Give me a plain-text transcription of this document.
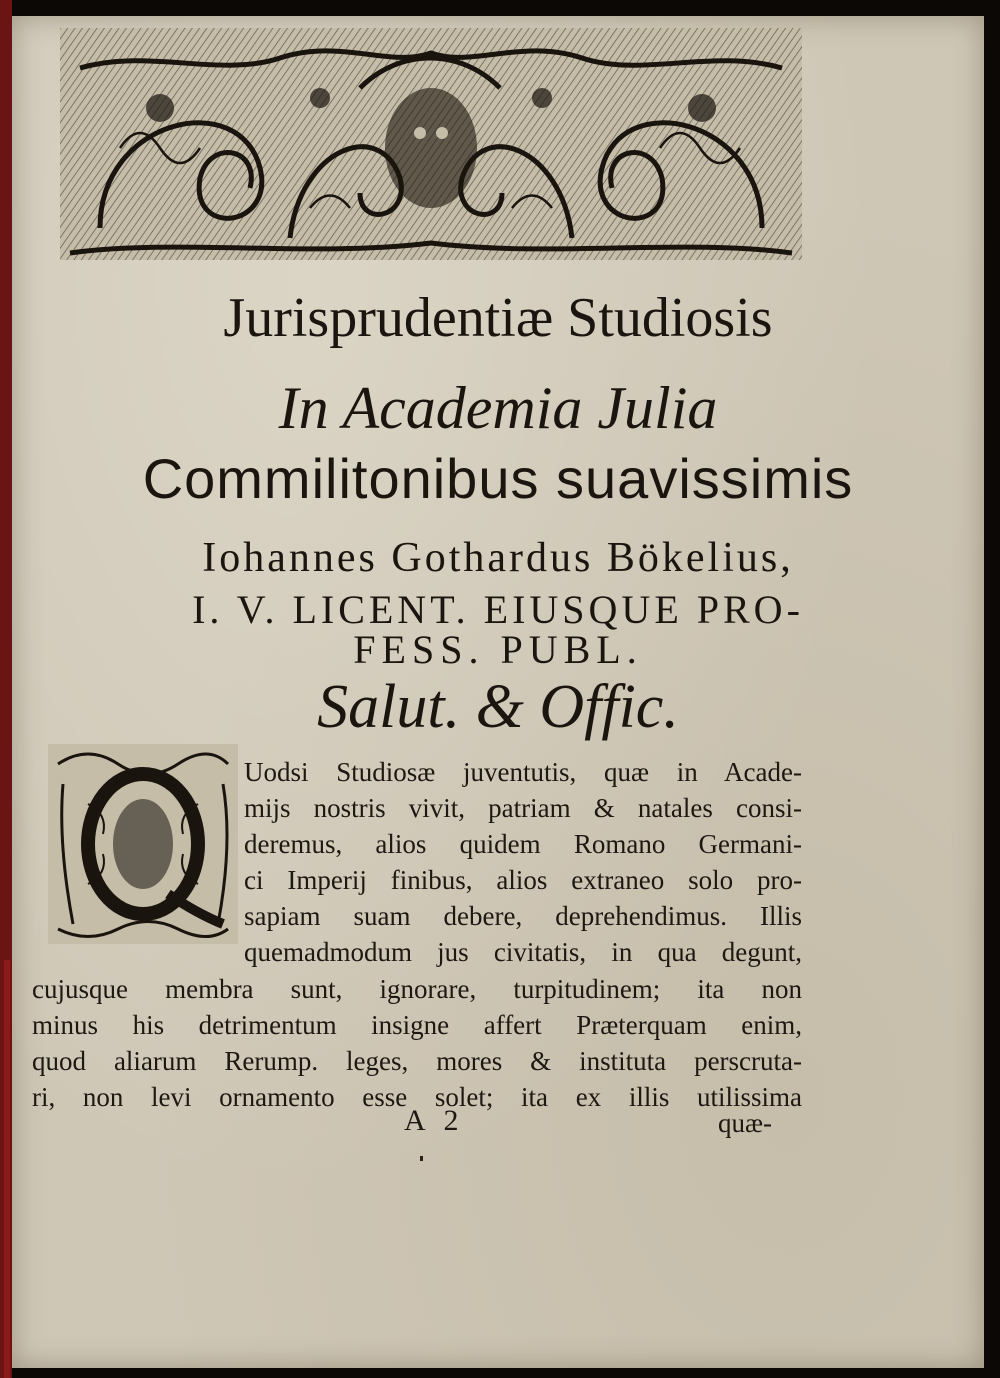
Jurisprudentiæ Studiosis
In Academia Julia
Commilitonibus suavissimis
Iohannes Gothardus Bökelius,
I. V. LICENT. EIUSQUE PRO-
FESS. PUBL.
Salut. & Offic.
Uodsi Studiosæ juventutis, quæ in Acade-
mijs nostris vivit, patriam & natales consi-
deremus, alios quidem Romano Germani-
ci Imperij finibus, alios extraneo solo pro-
sapiam suam debere, deprehendimus. Illis
quemadmodum jus civitatis, in qua degunt,
cujusque membra sunt, ignorare, turpitudinem; ita non
minus his detrimentum insigne affert Præterquam enim,
quod aliarum Rerump. leges, mores & instituta perscruta-
ri, non levi ornamento esse solet; ita ex illis utilissima
A 2	quæ-
